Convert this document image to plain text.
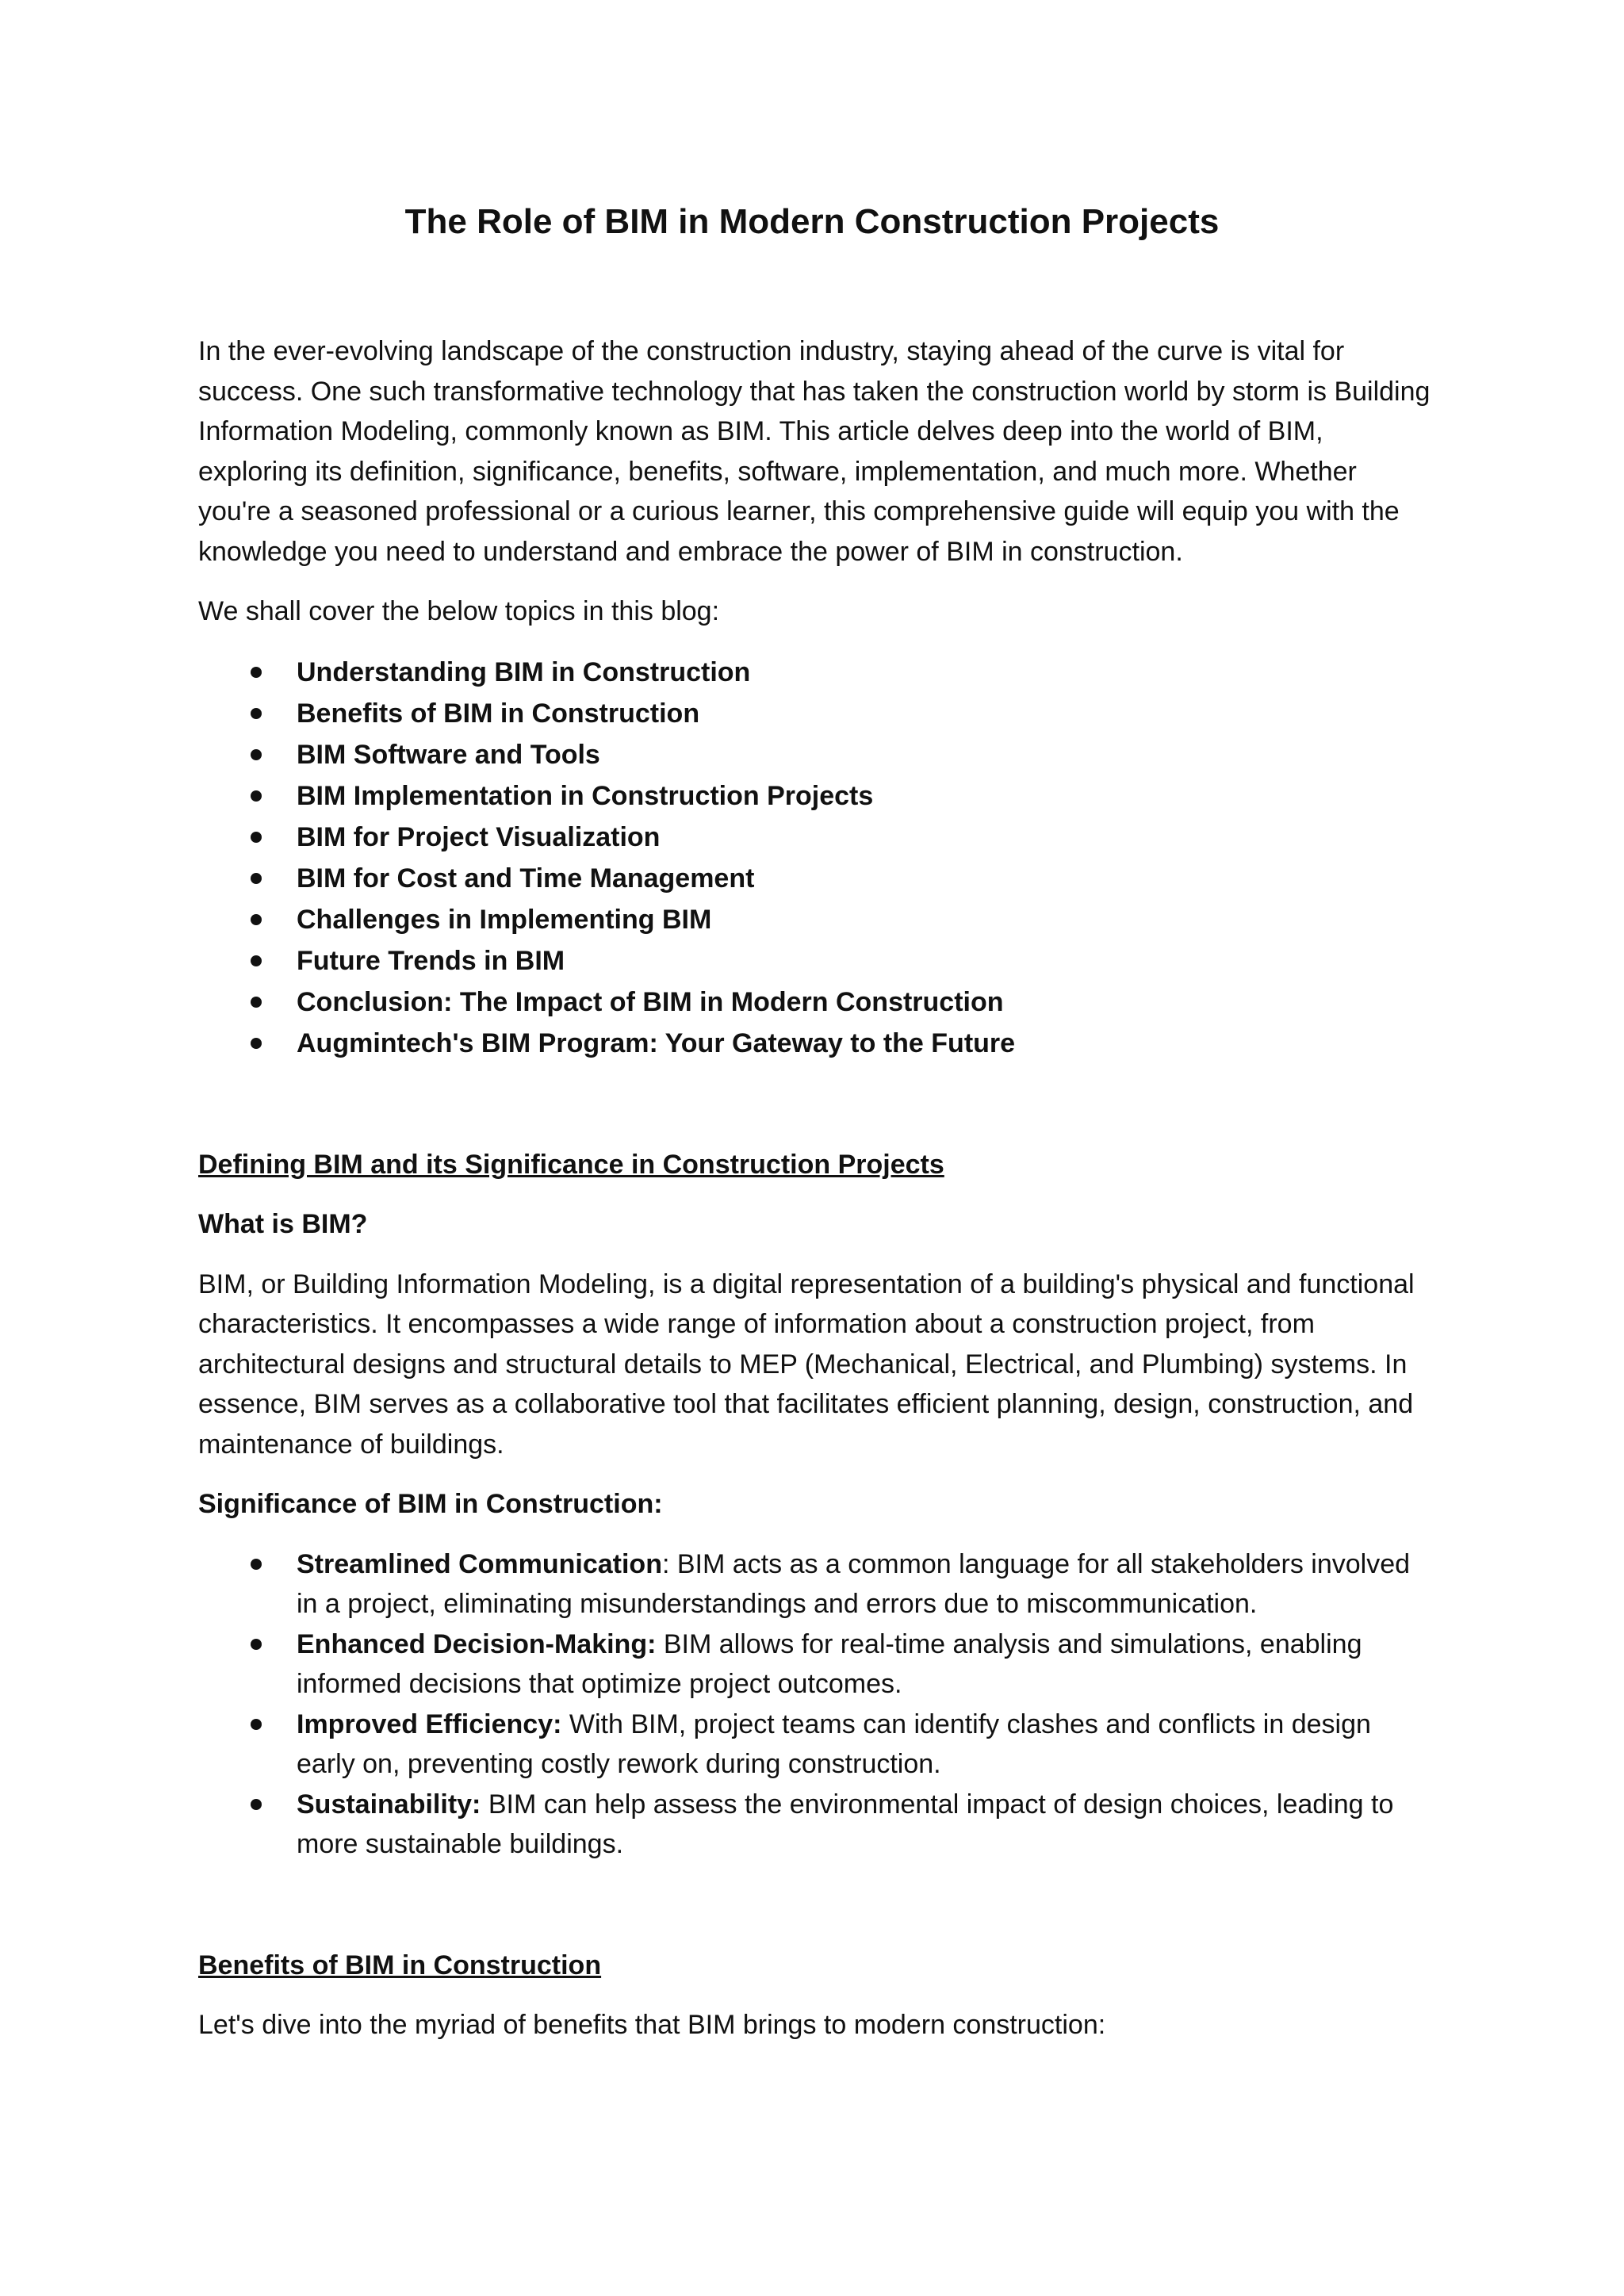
The Role of BIM in Modern Construction Projects

In the ever-evolving landscape of the construction industry, staying ahead of the curve is vital for success. One such transformative technology that has taken the construction world by storm is Building Information Modeling, commonly known as BIM. This article delves deep into the world of BIM, exploring its definition, significance, benefits, software, implementation, and much more. Whether you're a seasoned professional or a curious learner, this comprehensive guide will equip you with the knowledge you need to understand and embrace the power of BIM in construction.

We shall cover the below topics in this blog:

Understanding BIM in Construction
Benefits of BIM in Construction
BIM Software and Tools
BIM Implementation in Construction Projects
BIM for Project Visualization
BIM for Cost and Time Management
Challenges in Implementing BIM
Future Trends in BIM
Conclusion: The Impact of BIM in Modern Construction
Augmintech's BIM Program: Your Gateway to the Future

Defining BIM and its Significance in Construction Projects

What is BIM?

BIM, or Building Information Modeling, is a digital representation of a building's physical and functional characteristics. It encompasses a wide range of information about a construction project, from architectural designs and structural details to MEP (Mechanical, Electrical, and Plumbing) systems. In essence, BIM serves as a collaborative tool that facilitates efficient planning, design, construction, and maintenance of buildings.

Significance of BIM in Construction:

Streamlined Communication: BIM acts as a common language for all stakeholders involved in a project, eliminating misunderstandings and errors due to miscommunication.
Enhanced Decision-Making: BIM allows for real-time analysis and simulations, enabling informed decisions that optimize project outcomes.
Improved Efficiency: With BIM, project teams can identify clashes and conflicts in design early on, preventing costly rework during construction.
Sustainability: BIM can help assess the environmental impact of design choices, leading to more sustainable buildings.

Benefits of BIM in Construction

Let's dive into the myriad of benefits that BIM brings to modern construction:
